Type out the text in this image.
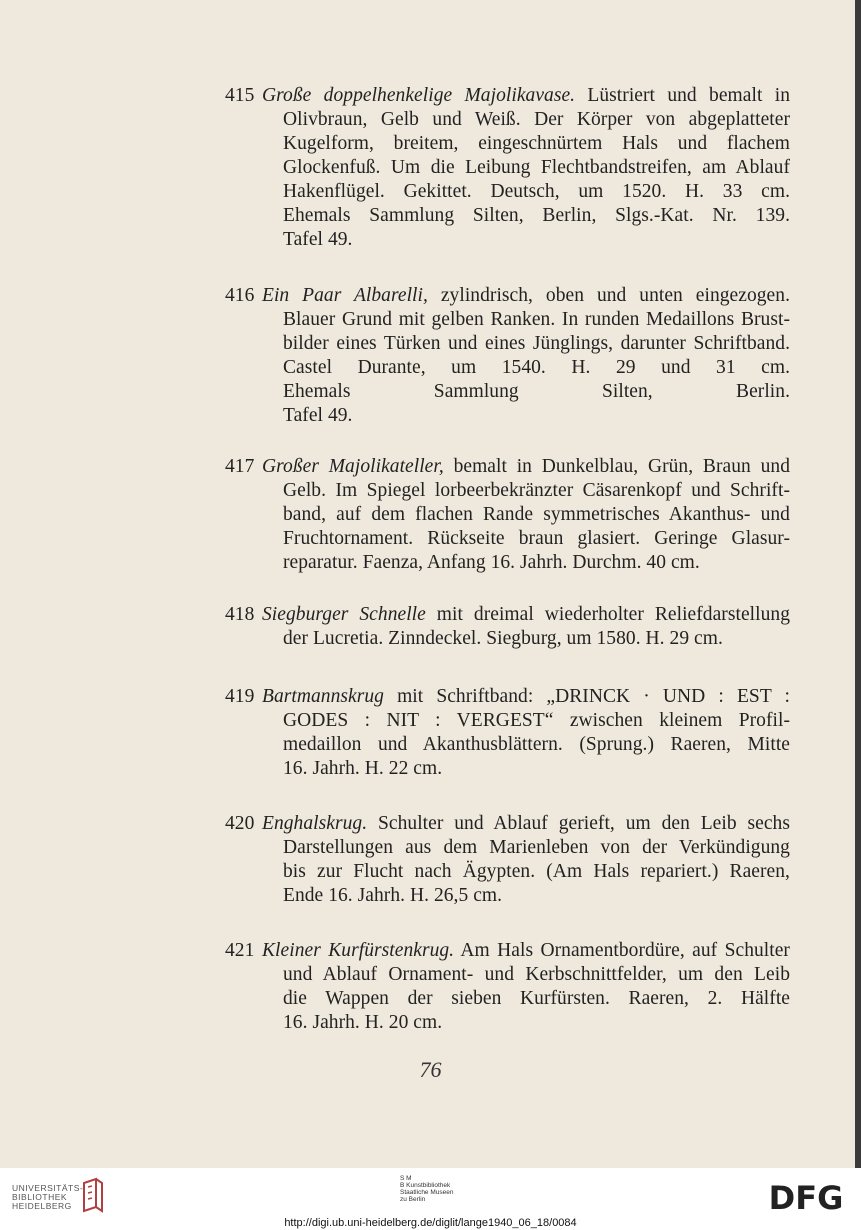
415 Große doppelhenkelige Majolikavase. Lüstriert und bemalt in
Olivbraun, Gelb und Weiß. Der Körper von abgeplatteter
Kugelform, breitem, eingeschnürtem Hals und flachem
Glockenfuß. Um die Leibung Flechtbandstreifen, am Ablauf
Hakenflügel. Gekittet. Deutsch, um 1520. H. 33 cm.
Ehemals Sammlung Silten, Berlin, Slgs.-Kat. Nr. 139.
Tafel 49.
416 Ein Paar Albarelli, zylindrisch, oben und unten eingezogen.
Blauer Grund mit gelben Ranken. In runden Medaillons Brust-
bilder eines Türken und eines Jünglings, darunter Schriftband.
Castel Durante, um 1540. H. 29 und 31 cm.
Ehemals Sammlung Silten, Berlin.
Tafel 49.
417 Großer Majolikateller, bemalt in Dunkelblau, Grün, Braun und
Gelb. Im Spiegel lorbeerbekränzter Cäsarenkopf und Schrift-
band, auf dem flachen Rande symmetrisches Akanthus- und
Fruchtornament. Rückseite braun glasiert. Geringe Glasur-
reparatur. Faenza, Anfang 16. Jahrh. Durchm. 40 cm.
418 Siegburger Schnelle mit dreimal wiederholter Reliefdarstellung
der Lucretia. Zinndeckel. Siegburg, um 1580. H. 29 cm.
419 Bartmannskrug mit Schriftband: „DRINCK · UND : EST :
GODES : NIT : VERGEST“ zwischen kleinem Profil-
medaillon und Akanthusblättern. (Sprung.) Raeren, Mitte
16. Jahrh. H. 22 cm.
420 Enghalskrug. Schulter und Ablauf gerieft, um den Leib sechs
Darstellungen aus dem Marienleben von der Verkündigung
bis zur Flucht nach Ägypten. (Am Hals repariert.) Raeren,
Ende 16. Jahrh. H. 26,5 cm.
421 Kleiner Kurfürstenkrug. Am Hals Ornamentbordüre, auf Schulter
und Ablauf Ornament- und Kerbschnittfelder, um den Leib
die Wappen der sieben Kurfürsten. Raeren, 2. Hälfte
16. Jahrh. H. 20 cm.
76
UNIVERSITÄTS-
BIBLIOTHEK
HEIDELBERG
S M
B Kunstbibliothek
Staatliche Museen
zu Berlin	DFG
http://digi.ub.uni-heidelberg.de/diglit/lange1940_06_18/0084
